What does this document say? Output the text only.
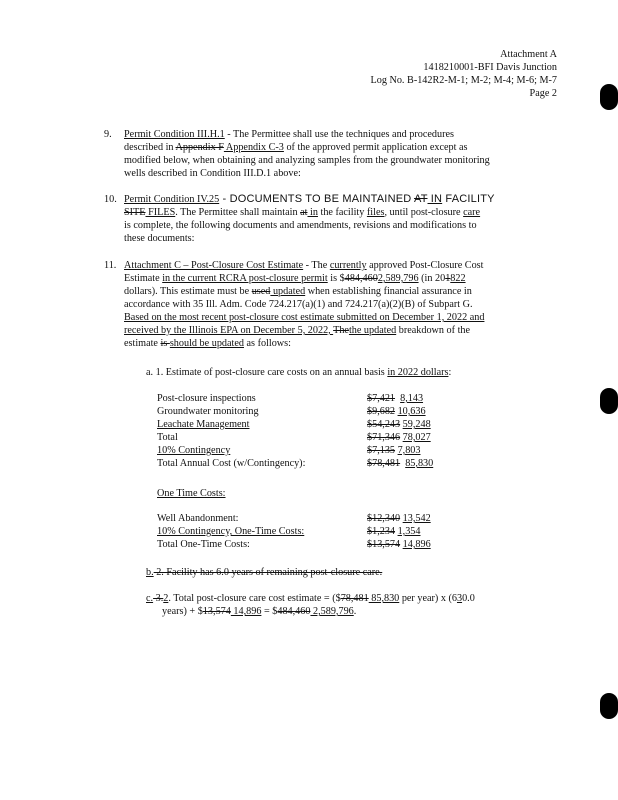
Attachment A
1418210001-BFI Davis Junction
Log No. B-142R2-M-1; M-2; M-4; M-6; M-7
Page 2
9. Permit Condition III.H.1 - The Permittee shall use the techniques and procedures
described in Appendix F Appendix C-3 of the approved permit application except as
modified below, when obtaining and analyzing samples from the groundwater monitoring
wells described in Condition III.D.1 above:
10. Permit Condition IV.25 - DOCUMENTS TO BE MAINTAINED AT IN FACILITY
SITE FILES. The Permittee shall maintain at in the facility files, until post-closure care
is complete, the following documents and amendments, revisions and modifications to
these documents:
11. Attachment C – Post-Closure Cost Estimate - The currently approved Post-Closure Cost
Estimate in the current RCRA post-closure permit is $484,4602,589,796 (in 201822
dollars). This estimate must be used updated when establishing financial assurance in
accordance with 35 Ill. Adm. Code 724.217(a)(1) and 724.217(a)(2)(B) of Subpart G.
Based on the most recent post-closure cost estimate submitted on December 1, 2022 and
received by the Illinois EPA on December 5, 2022, Thethe updated breakdown of the
estimate is should be updated as follows:
a. 1. Estimate of post-closure care costs on an annual basis in 2022 dollars:
Post-closure inspections	$7,421 8,143
Groundwater monitoring	$9,682 10,636
Leachate Management	$54,243 59,248
Total	$71,346 78,027
10% Contingency	$7,135 7,803
Total Annual Cost (w/Contingency):	$78,481 85,830
One Time Costs:
Well Abandonment:	$12,340 13,542
10% Contingency, One-Time Costs:	$1,234 1,354
Total One-Time Costs:	$13,574 14,896
b. 2. Facility has 6.0 years of remaining post-closure care.
c. 3.2. Total post-closure care cost estimate = ($78,481 85,830 per year) x (630.0
years) + $13,574 14,896 = $484,460 2,589,796.
